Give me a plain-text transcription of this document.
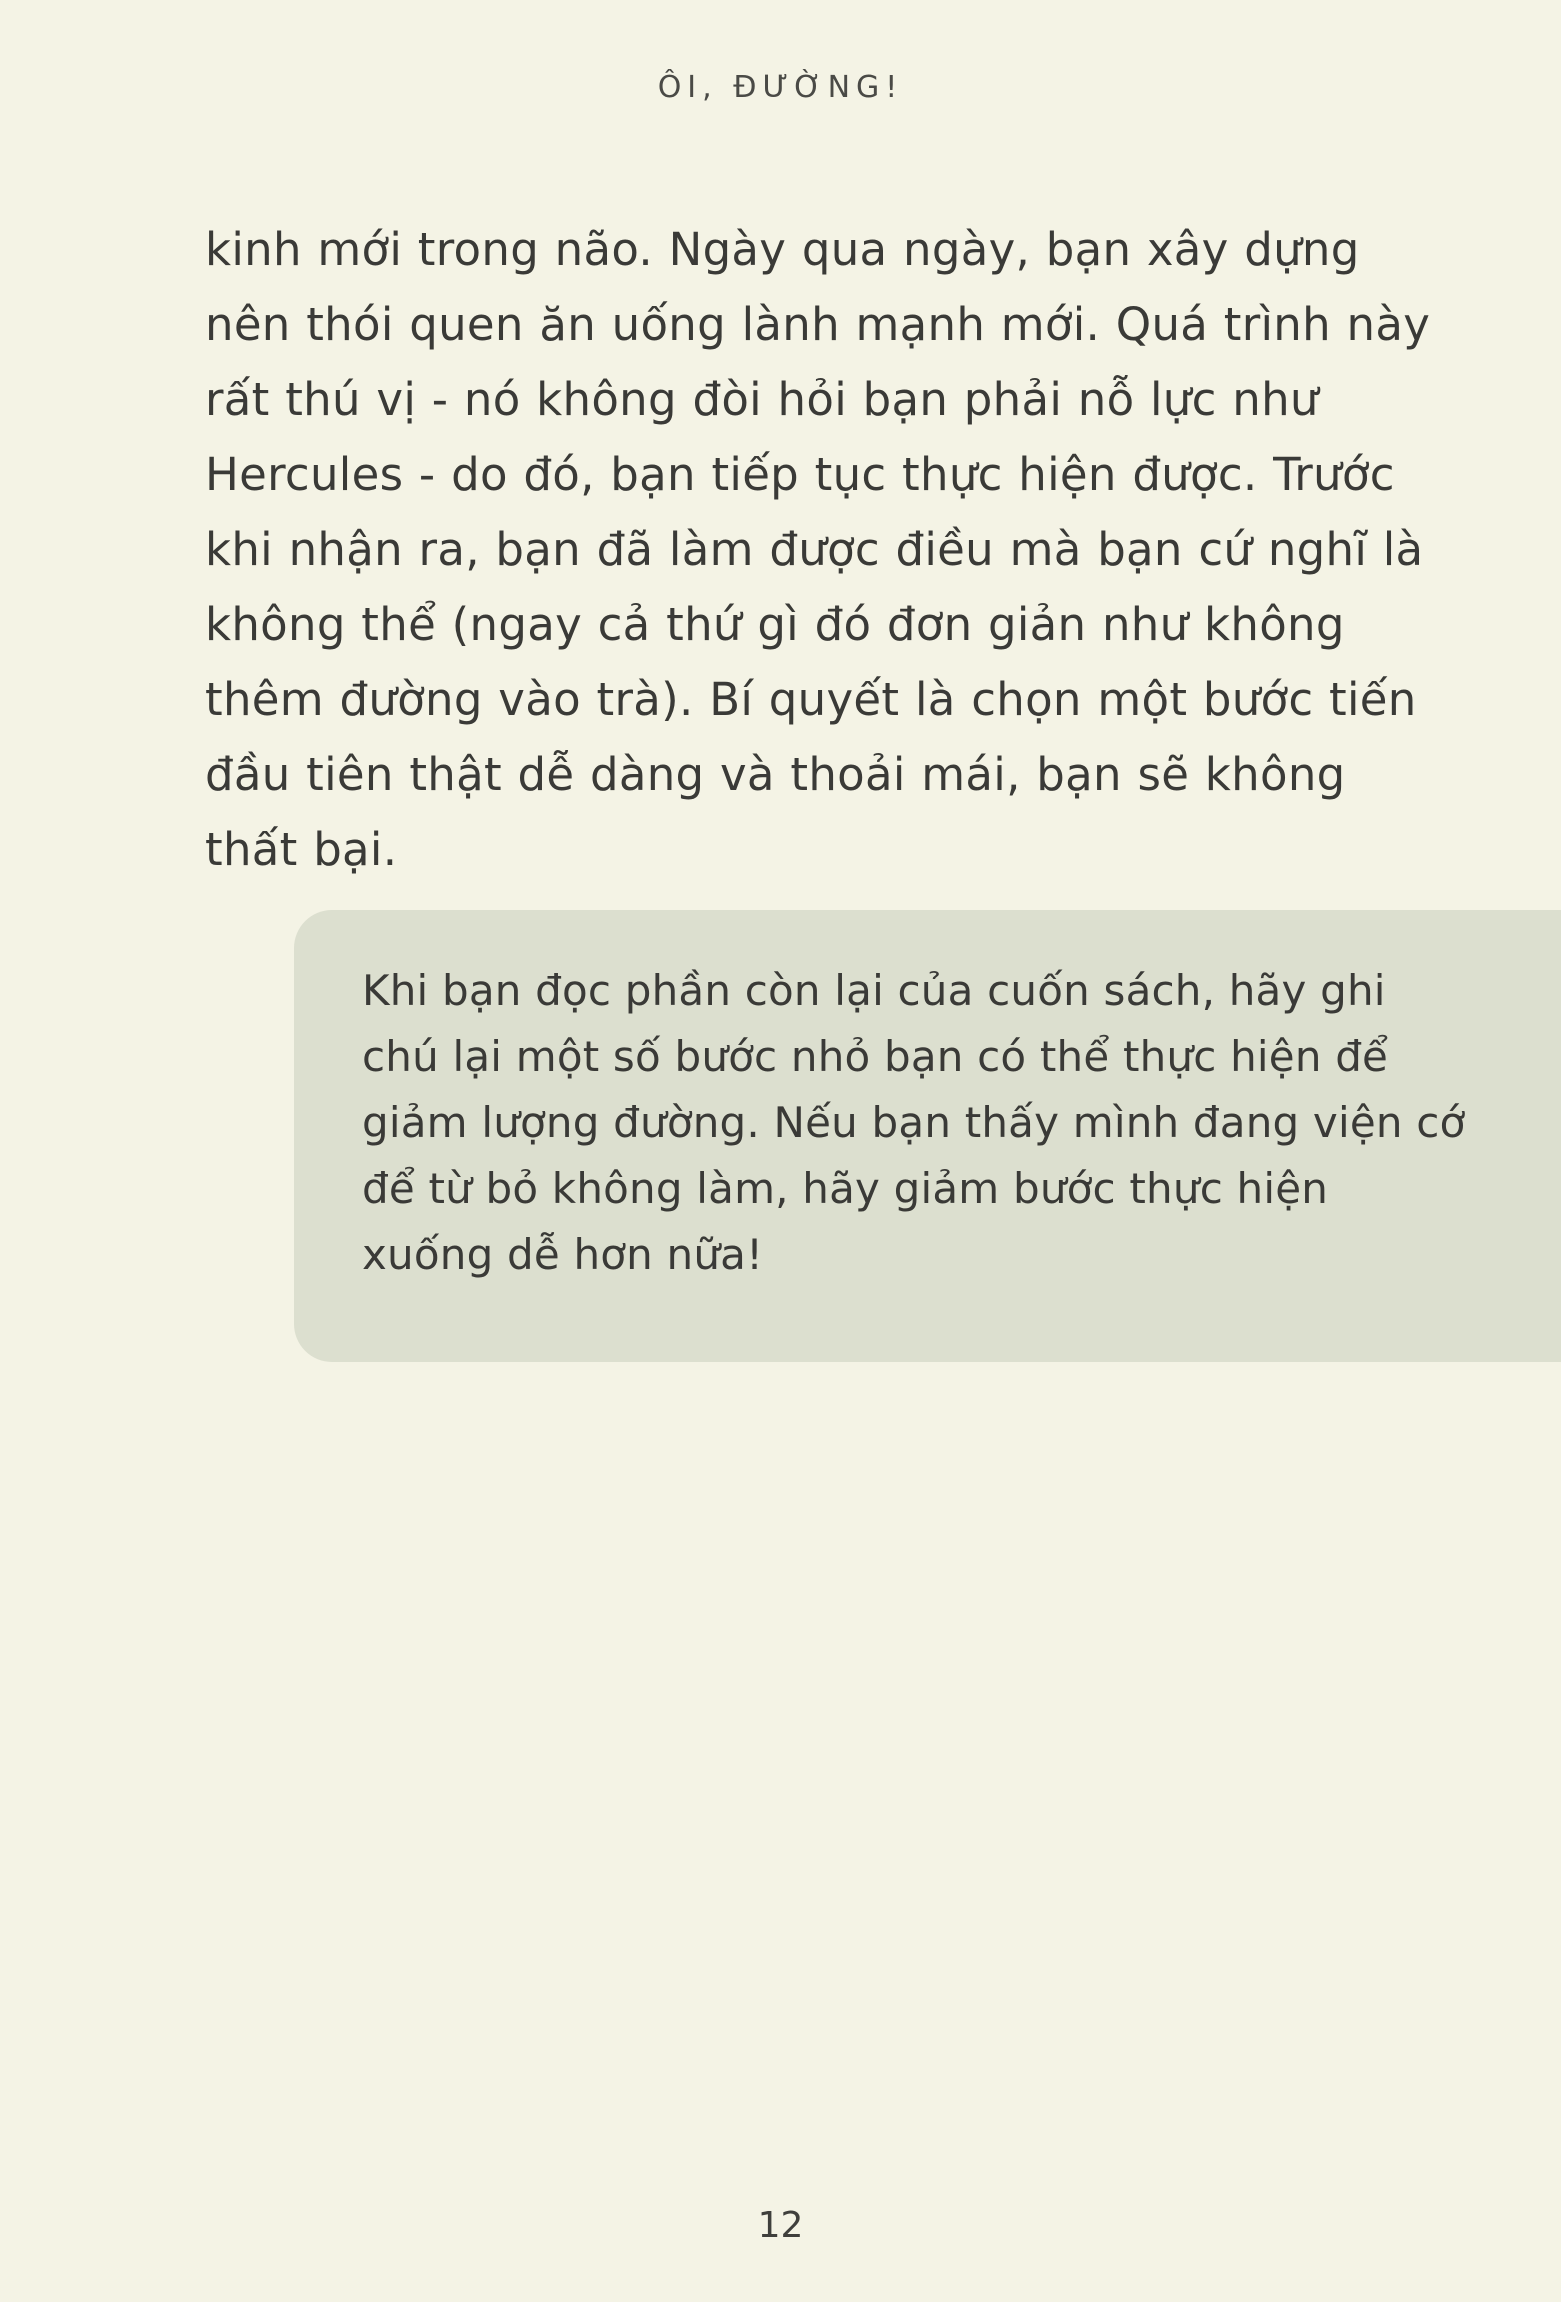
ÔI, ĐƯỜNG!
kinh mới trong não. Ngày qua ngày, bạn xây dựng nên thói quen ăn uống lành mạnh mới. Quá trình này rất thú vị - nó không đòi hỏi bạn phải nỗ lực như Hercules - do đó, bạn tiếp tục thực hiện được. Trước khi nhận ra, bạn đã làm được điều mà bạn cứ nghĩ là không thể (ngay cả thứ gì đó đơn giản như không thêm đường vào trà). Bí quyết là chọn một bước tiến đầu tiên thật dễ dàng và thoải mái, bạn sẽ không thất bại.
Khi bạn đọc phần còn lại của cuốn sách, hãy ghi chú lại một số bước nhỏ bạn có thể thực hiện để giảm lượng đường. Nếu bạn thấy mình đang viện cớ để từ bỏ không làm, hãy giảm bước thực hiện xuống dễ hơn nữa!
12
